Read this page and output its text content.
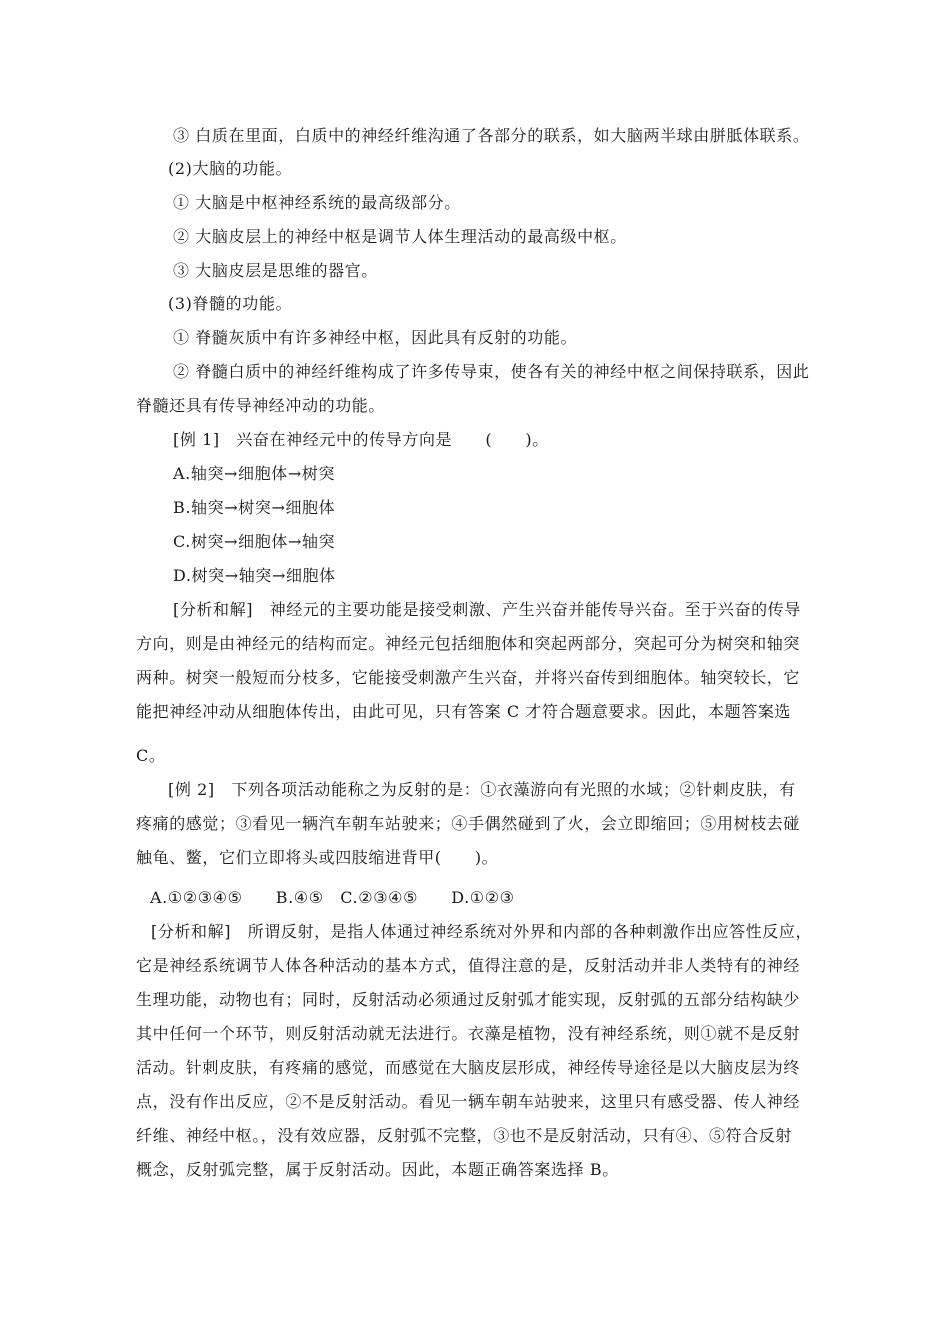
③ 白质在里面，白质中的神经纤维沟通了各部分的联系，如大脑两半球由胼胝体联系。
(2)大脑的功能。
① 大脑是中枢神经系统的最高级部分。
② 大脑皮层上的神经中枢是调节人体生理活动的最高级中枢。
③ 大脑皮层是思维的器官。
(3)脊髓的功能。
① 脊髓灰质中有许多神经中枢，因此具有反射的功能。
② 脊髓白质中的神经纤维构成了许多传导束，使各有关的神经中枢之间保持联系，因此
脊髓还具有传导神经冲动的功能。
[例 1]　兴奋在神经元中的传导方向是　　(　　)。
A.轴突→细胞体→树突
B.轴突→树突→细胞体
C.树突→细胞体→轴突
D.树突→轴突→细胞体
[分析和解]　神经元的主要功能是接受刺激、产生兴奋并能传导兴奋。至于兴奋的传导
方向，则是由神经元的结构而定。神经元包括细胞体和突起两部分，突起可分为树突和轴突
两种。树突一般短而分枝多，它能接受刺激产生兴奋，并将兴奋传到细胞体。轴突较长，它
能把神经冲动从细胞体传出，由此可见，只有答案 C 才符合题意要求。因此，本题答案选
C。
[例 2]　下列各项活动能称之为反射的是：①衣藻游向有光照的水域；②针刺皮肤，有
疼痛的感觉；③看见一辆汽车朝车站驶来；④手偶然碰到了火，会立即缩回；⑤用树枝去碰
触龟、鳖，它们立即将头或四肢缩进背甲(　　)。
A.①②③④⑤　　B.④⑤　C.②③④⑤　　D.①②③
[分析和解]　所谓反射，是指人体通过神经系统对外界和内部的各种刺激作出应答性反应，
它是神经系统调节人体各种活动的基本方式，值得注意的是，反射活动并非人类特有的神经
生理功能，动物也有；同时，反射活动必须通过反射弧才能实现，反射弧的五部分结构缺少
其中任何一个环节，则反射活动就无法进行。衣藻是植物，没有神经系统，则①就不是反射
活动。针刺皮肤，有疼痛的感觉，而感觉在大脑皮层形成，神经传导途径是以大脑皮层为终
点，没有作出反应，②不是反射活动。看见一辆车朝车站驶来，这里只有感受器、传人神经
纤维、神经中枢。，没有效应器，反射弧不完整，③也不是反射活动，只有④、⑤符合反射
概念，反射弧完整，属于反射活动。因此，本题正确答案选择 B。
